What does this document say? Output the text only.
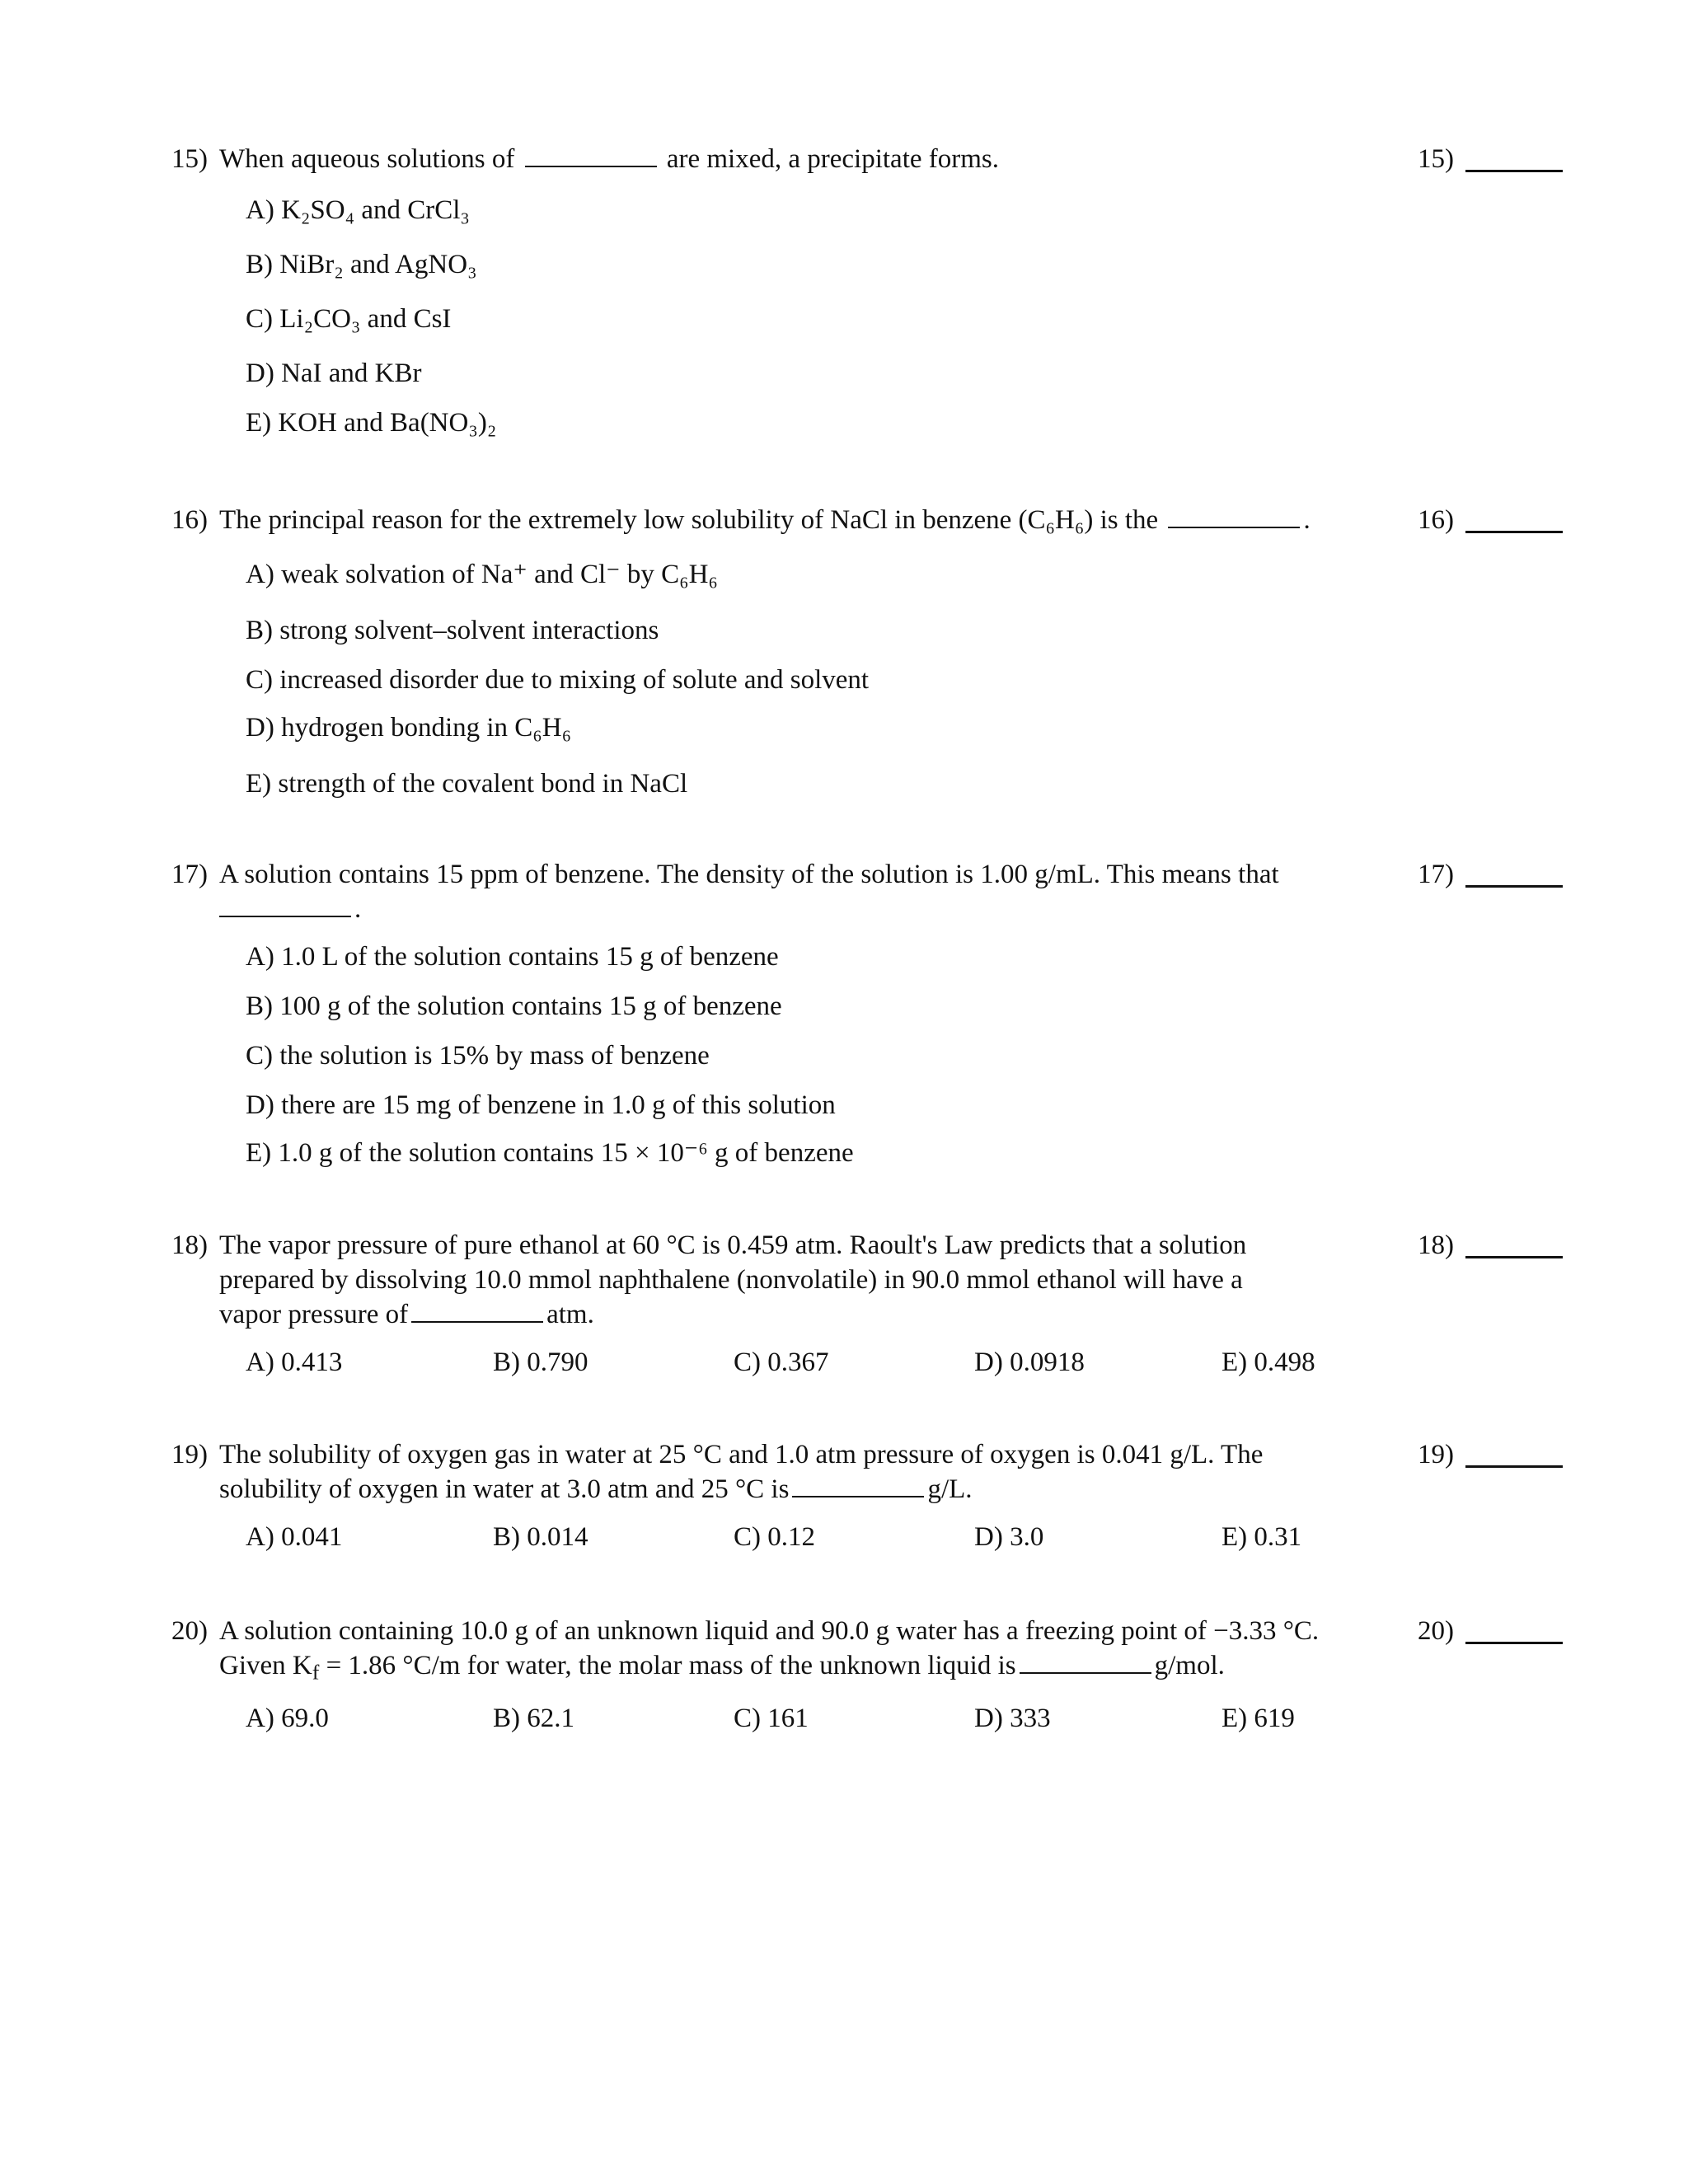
15) When aqueous solutions of	are mixed, a precipitate forms.	15)
A) K₂SO₄ and CrCl₃
B) NiBr₂ and AgNO₃
C) Li₂CO₃ and CsI
D) NaI and KBr
E) KOH and Ba(NO₃)₂
16) The principal reason for the extremely low solubility of NaCl in benzene (C₆H₆) is the	.	16)
A) weak solvation of Na⁺ and Cl⁻ by C₆H₆
B) strong solvent–solvent interactions
C) increased disorder due to mixing of solute and solvent
D) hydrogen bonding in C₆H₆
E) strength of the covalent bond in NaCl
17) A solution contains 15 ppm of benzene. The density of the solution is 1.00 g/mL. This means that

.

17)
A) 1.0 L of the solution contains 15 g of benzene
B) 100 g of the solution contains 15 g of benzene
C) the solution is 15% by mass of benzene
D) there are 15 mg of benzene in 1.0 g of this solution
E) 1.0 g of the solution contains 15 × 10⁻⁶ g of benzene
18) The vapor pressure of pure ethanol at 60 °C is 0.459 atm. Raoult's Law predicts that a solution

prepared by dissolving 10.0 mmol naphthalene (nonvolatile) in 90.0 mmol ethanol will have a

vapor pressure of	atm.

18)
A) 0.413	B) 0.790	C) 0.367	D) 0.0918	E) 0.498
19) The solubility of oxygen gas in water at 25 °C and 1.0 atm pressure of oxygen is 0.041 g/L. The

solubility of oxygen in water at 3.0 atm and 25 °C is	g/L.

19)
A) 0.041	B) 0.014	C) 0.12	D) 3.0	E) 0.31
20) A solution containing 10.0 g of an unknown liquid and 90.0 g water has a freezing point of −3.33 °C.

Given $K_f = 1.86$ °C/m for water, the molar mass of the unknown liquid is	g/mol.

20)
A) 69.0	B) 62.1	C) 161	D) 333	E) 619
